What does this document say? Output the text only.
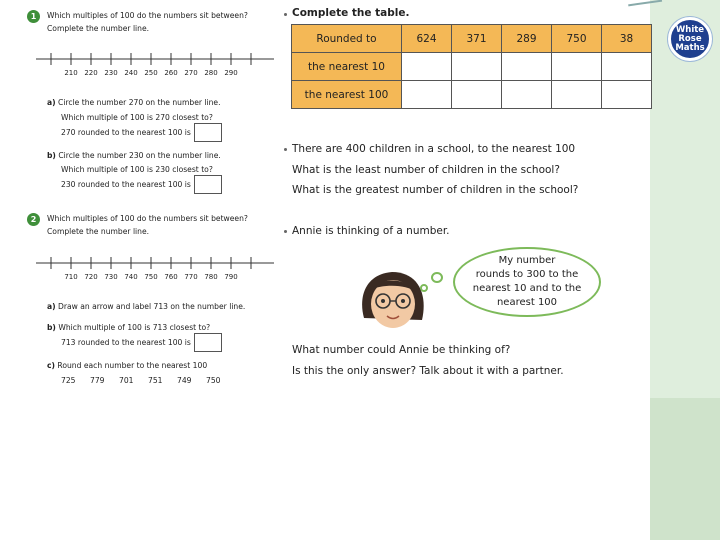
White
Rose
Maths
1	Which multiples of 100 do the numbers sit between?
Complete the number line.
210 220 230 240 250 260 270 280 290
a) Circle the number 270 on the number line.
Which multiple of 100 is 270 closest to?
270 rounded to the nearest 100 is
b) Circle the number 230 on the number line.
Which multiple of 100 is 230 closest to?
230 rounded to the nearest 100 is
2	Which multiples of 100 do the numbers sit between?
Complete the number line.
710 720 730 740 750 760 770 780 790
a) Draw an arrow and label 713 on the number line.
b) Which multiple of 100 is 713 closest to?
713 rounded to the nearest 100 is
c) Round each number to the nearest 100
725 779 701 751 749 750
Complete the table.
Rounded to	624	371	289	750	38
the nearest 10					
the nearest 100					
There are 400 children in a school, to the nearest 100
What is the least number of children in the school?
What is the greatest number of children in the school?
Annie is thinking of a number.
My number
rounds to 300 to the
nearest 10 and to the
nearest 100
What number could Annie be thinking of?
Is this the only answer? Talk about it with a partner.
